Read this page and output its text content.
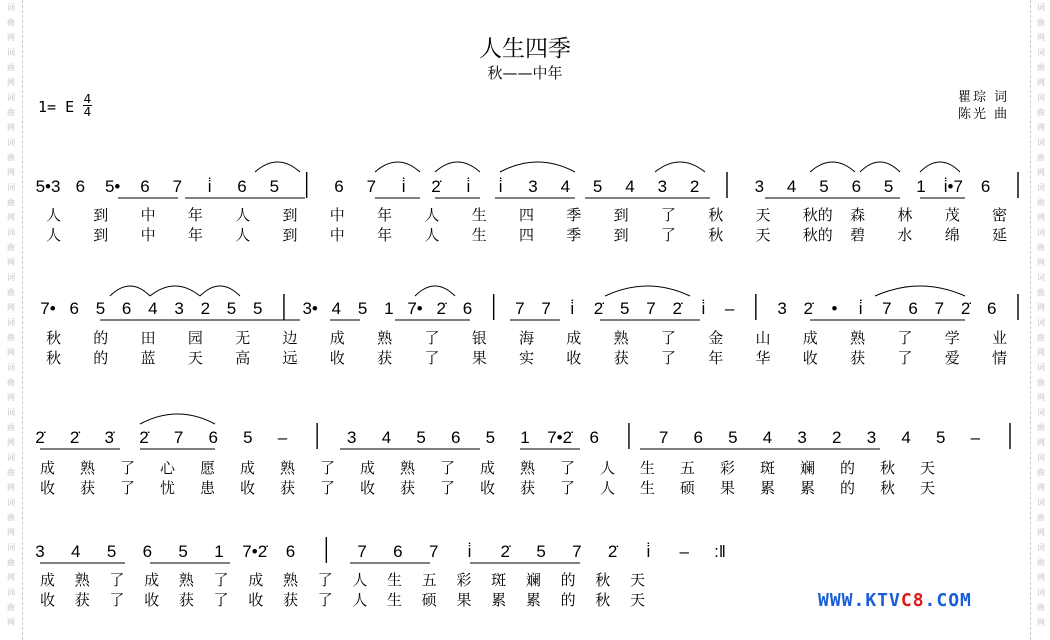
词
曲
网
词
曲
网
词
曲
网
词
曲
网
词
曲
网
词
曲
网
词
曲
网
词
曲
网
词
曲
网
词
曲
网
词
曲
网
词
曲
网
词
曲
网
词
曲
网
词
曲
网
词
曲
网
词
曲
网
词
曲
网
词
曲
网
词
曲
网
词
曲
网
词
曲
网
词
曲
网
词
曲
网
词
曲
网
词
曲
网
词
曲
网
词
曲
网
人生四季
秋——中年
1= E 4
4
瞿琮 词
陈光 曲
5•3 6 5• 6 7 i̇ 6 5	6 7 i̇ 2̇ i̇ i̇ 3 4 5 4 3 2	3 4 5 6 5 1 i̇•7 6
人 到 中 年 人 到 中 年 人 生 四 季 到 了 秋 天 秋的 森 林 茂 密
人 到 中 年 人 到 中 年 人 生 四 季 到 了 秋 天 秋的 碧 水 绵 延
7• 6 5 6 4 3 2 5 5 3• 4 5 1 7• 2̇ 6	7 7 i̇ 2̇ 5 7 2̇ i̇ –	3 2̇ • i̇ 7 6 7 2̇ 6
秋 的 田 园 无 边 成 熟 了 银 海 成 熟 了 金 山 成 熟 了 学 业
秋 的 蓝 天 高 远 收 获 了 果 实 收 获 了 年 华 收 获 了 爱 情
2̇ 2̇ 3̇ 2̇ 7 6 5 –	3 4 5 6 5 1 7•2̇ 6	7 6 5 4 3 2 3 4 5 –
成 熟 了 心 愿 成 熟 了 成 熟 了 成 熟 了 人 生 五 彩 斑 斓 的 秋 天
收 获 了 忧 患 收 获 了 收 获 了 收 获 了 人 生 硕 果 累 累 的 秋 天
3 4 5 6 5 1 7•2̇ 6	7 6 7 i̇ 2̇ 5 7 2̇ i̇ – :‖
成 熟 了 成 熟 了 成 熟 了 人 生 五 彩 斑 斓 的 秋 天
收 获 了 收 获 了 收 获 了 人 生 硕 果 累 累 的 秋 天	WWW.KTVC8.COM
